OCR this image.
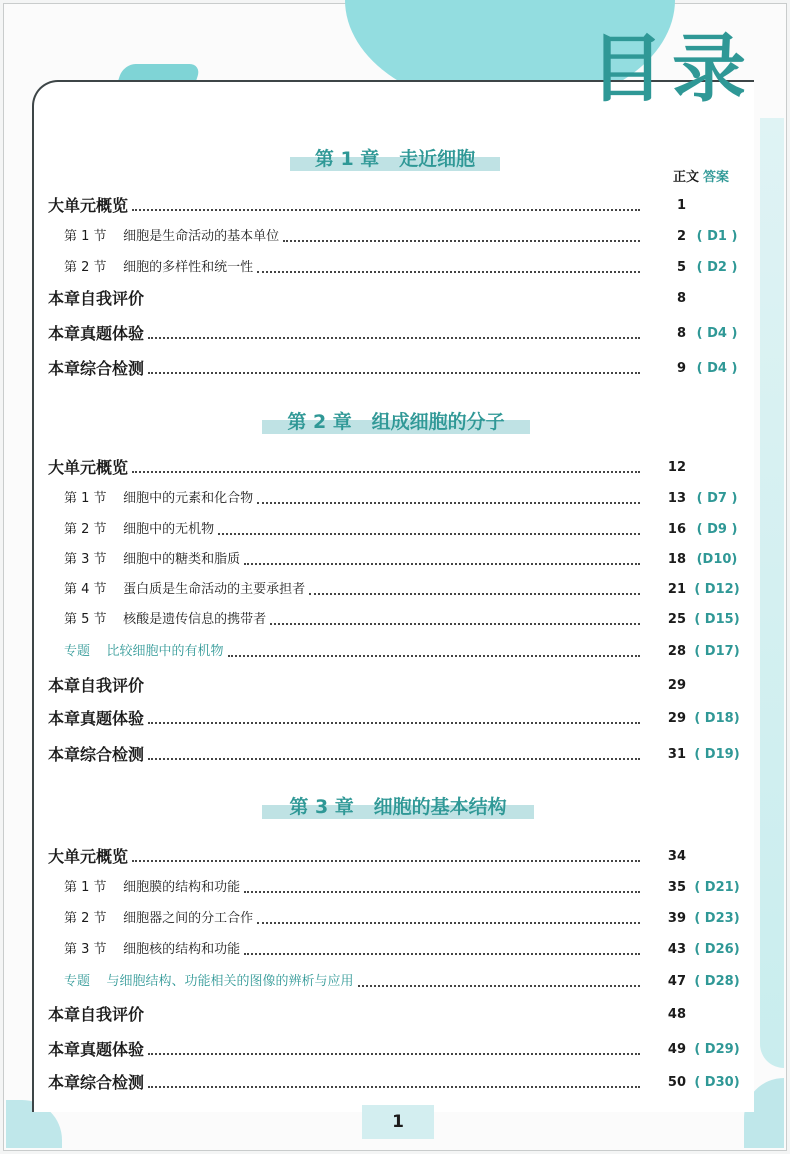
目录
正文 答案
第 1 章   走近细胞
大单元概览	1
第 1 节    细胞是生命活动的基本单位	2 ( D1 )
第 2 节    细胞的多样性和统一性	5 ( D2 )
本章自我评价	8
本章真题体验	8 ( D4 )
本章综合检测	9 ( D4 )
第 2 章   组成细胞的分子
大单元概览	12
第 1 节    细胞中的元素和化合物	13 ( D7 )
第 2 节    细胞中的无机物	16 ( D9 )
第 3 节    细胞中的糖类和脂质	18 (D10)
第 4 节    蛋白质是生命活动的主要承担者	21 ( D12)
第 5 节    核酸是遗传信息的携带者	25 ( D15)
专题    比较细胞中的有机物	28 ( D17)
本章自我评价	29
本章真题体验	29 ( D18)
本章综合检测	31 ( D19)
第 3 章   细胞的基本结构
大单元概览	34
第 1 节    细胞膜的结构和功能	35 ( D21)
第 2 节    细胞器之间的分工合作	39 ( D23)
第 3 节    细胞核的结构和功能	43 ( D26)
专题    与细胞结构、功能相关的图像的辨析与应用	47 ( D28)
本章自我评价	48
本章真题体验	49 ( D29)
本章综合检测	50 ( D30)
1
